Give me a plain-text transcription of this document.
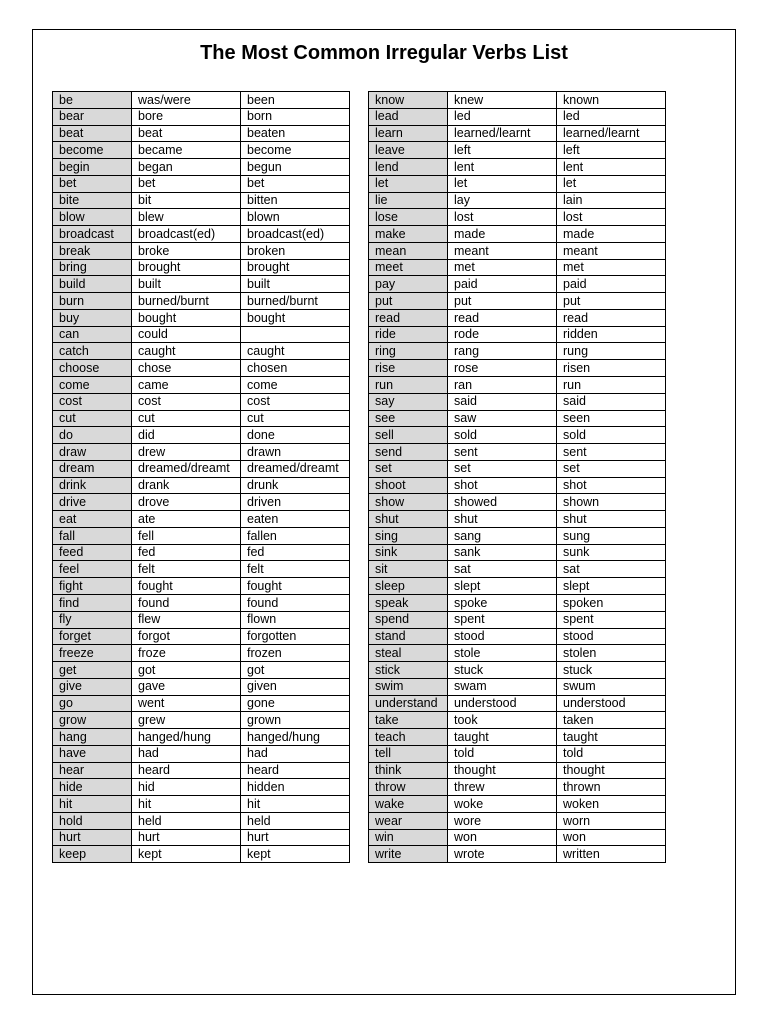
The Most Common Irregular Verbs List
be	was/were	been
bear	bore	born
beat	beat	beaten
become	became	become
begin	began	begun
bet	bet	bet
bite	bit	bitten
blow	blew	blown
broadcast	broadcast(ed)	broadcast(ed)
break	broke	broken
bring	brought	brought
build	built	built
burn	burned/burnt	burned/burnt
buy	bought	bought
can	could	
catch	caught	caught
choose	chose	chosen
come	came	come
cost	cost	cost
cut	cut	cut
do	did	done
draw	drew	drawn
dream	dreamed/dreamt	dreamed/dreamt
drink	drank	drunk
drive	drove	driven
eat	ate	eaten
fall	fell	fallen
feed	fed	fed
feel	felt	felt
fight	fought	fought
find	found	found
fly	flew	flown
forget	forgot	forgotten
freeze	froze	frozen
get	got	got
give	gave	given
go	went	gone
grow	grew	grown
hang	hanged/hung	hanged/hung
have	had	had
hear	heard	heard
hide	hid	hidden
hit	hit	hit
hold	held	held
hurt	hurt	hurt
keep	kept	kept
know	knew	known
lead	led	led
learn	learned/learnt	learned/learnt
leave	left	left
lend	lent	lent
let	let	let
lie	lay	lain
lose	lost	lost
make	made	made
mean	meant	meant
meet	met	met
pay	paid	paid
put	put	put
read	read	read
ride	rode	ridden
ring	rang	rung
rise	rose	risen
run	ran	run
say	said	said
see	saw	seen
sell	sold	sold
send	sent	sent
set	set	set
shoot	shot	shot
show	showed	shown
shut	shut	shut
sing	sang	sung
sink	sank	sunk
sit	sat	sat
sleep	slept	slept
speak	spoke	spoken
spend	spent	spent
stand	stood	stood
steal	stole	stolen
stick	stuck	stuck
swim	swam	swum
understand	understood	understood
take	took	taken
teach	taught	taught
tell	told	told
think	thought	thought
throw	threw	thrown
wake	woke	woken
wear	wore	worn
win	won	won
write	wrote	written
